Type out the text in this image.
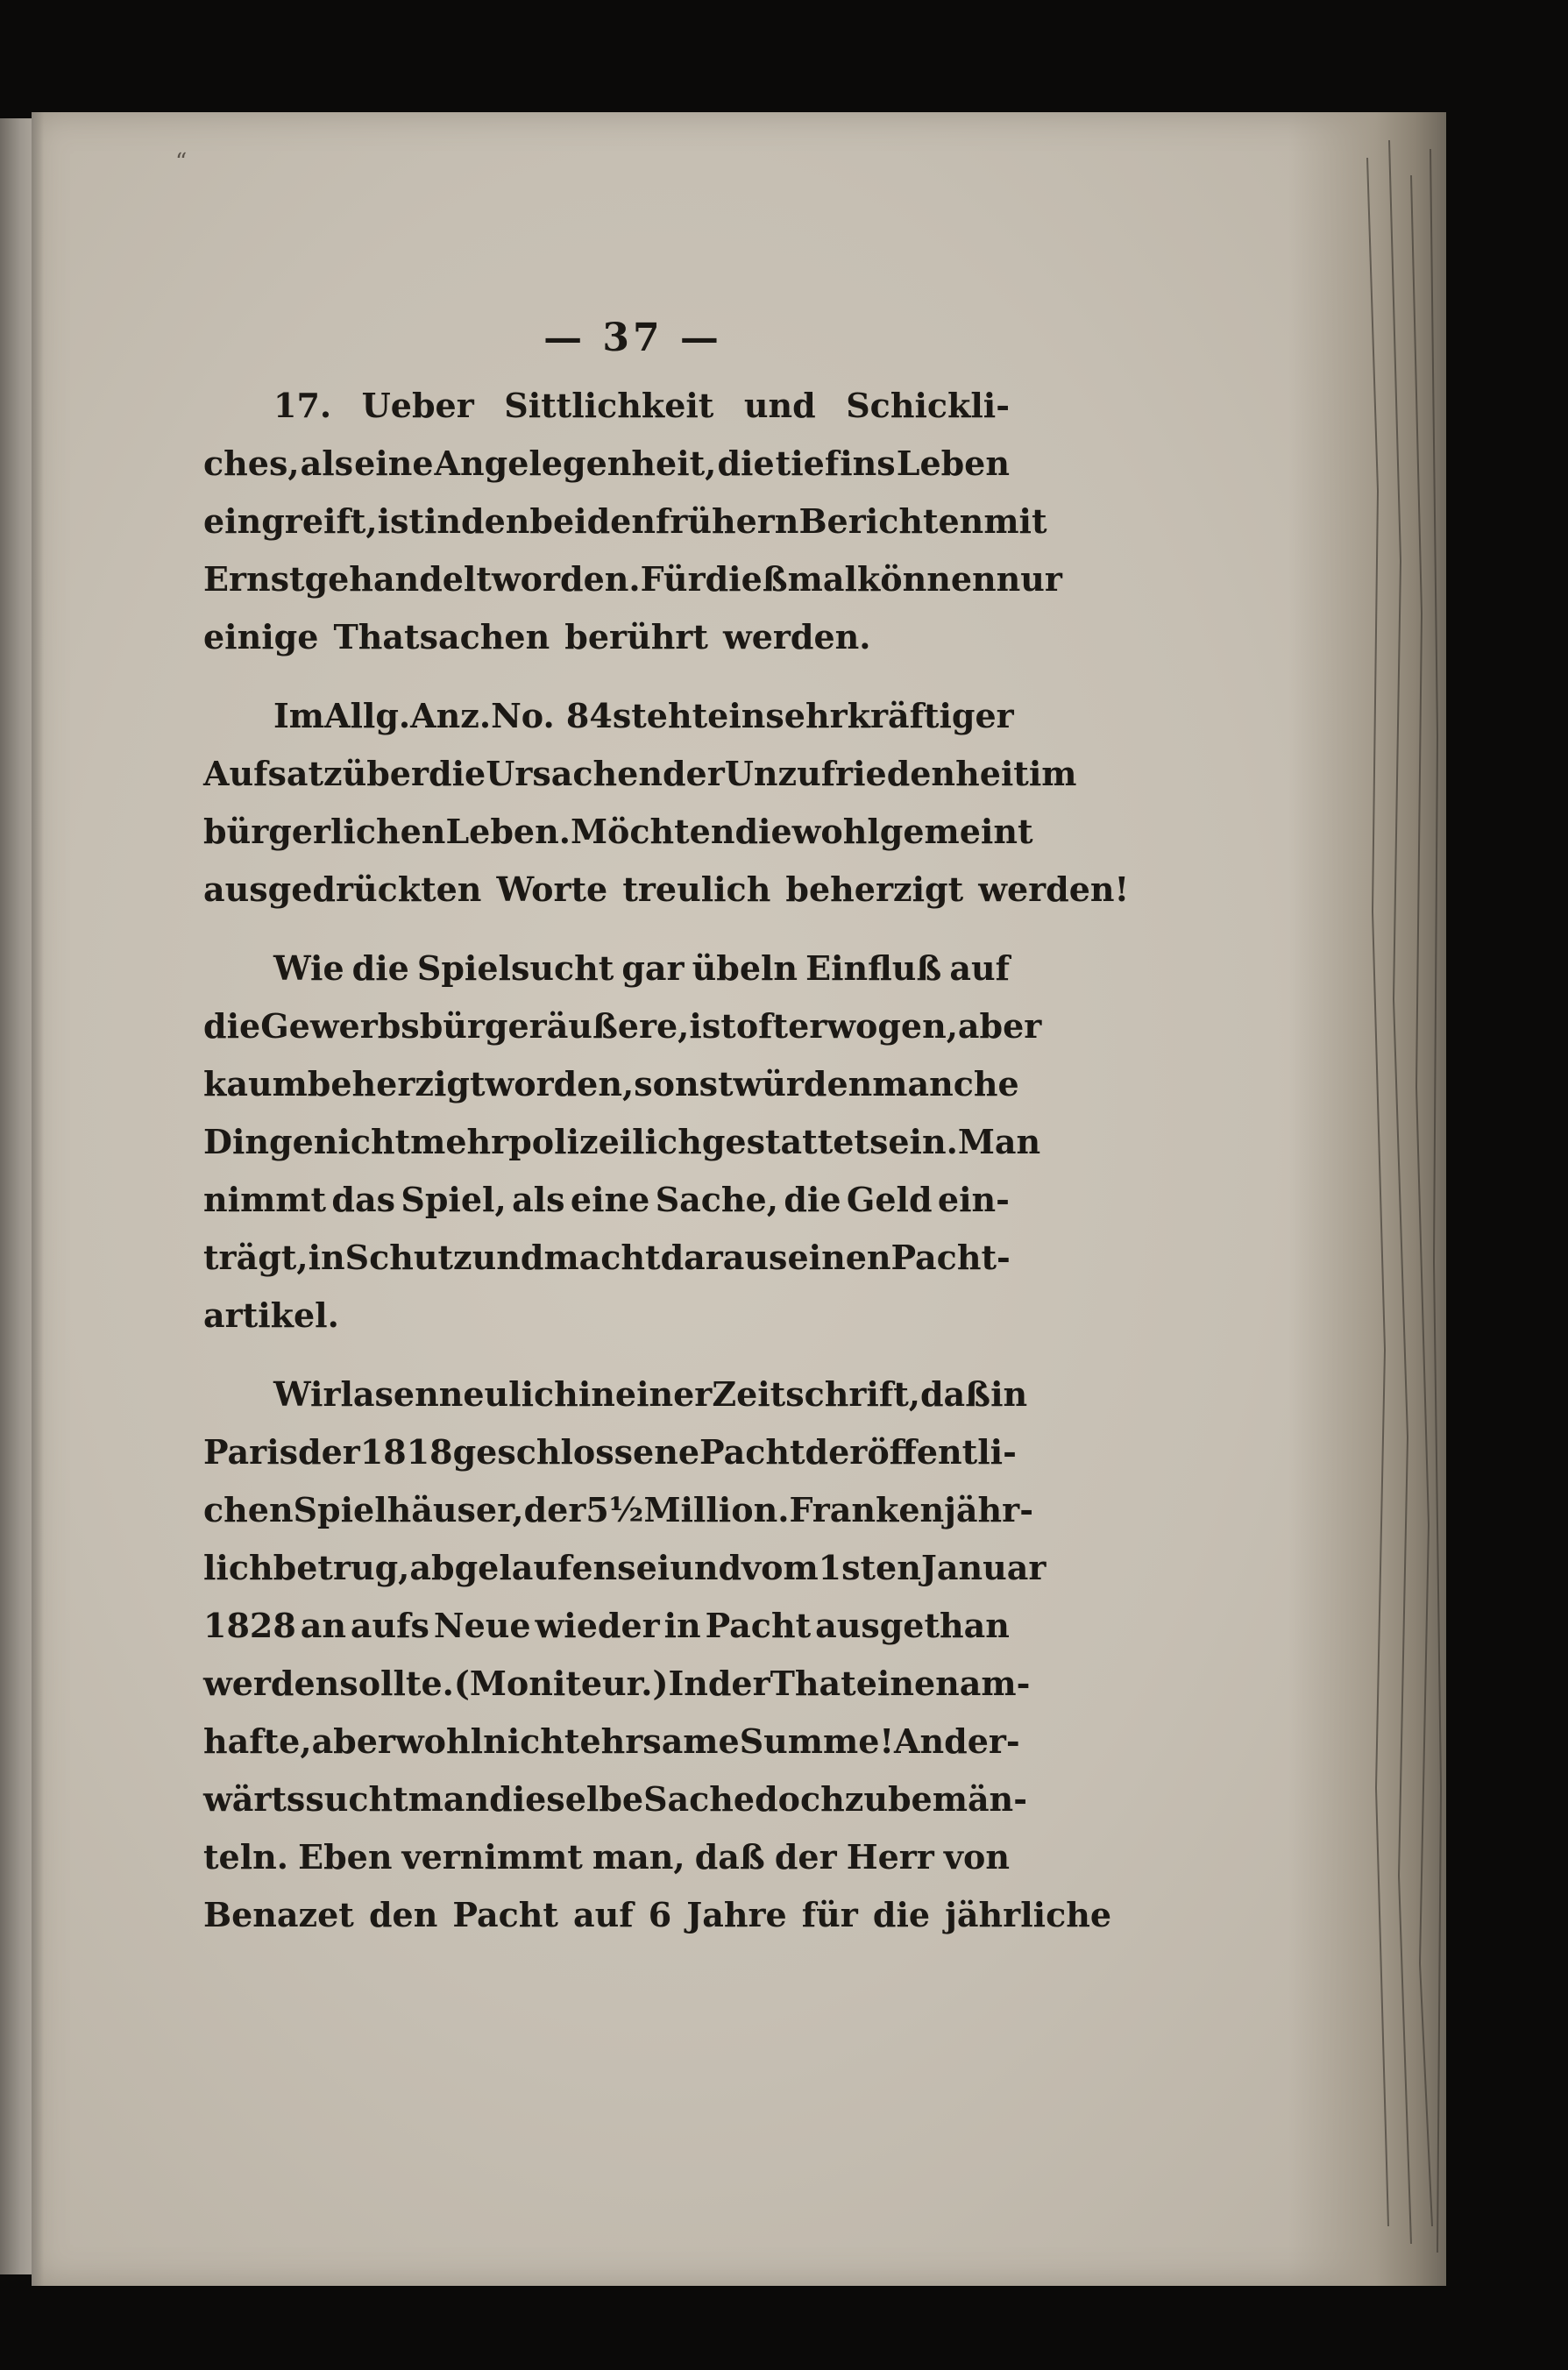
“
— 37 —
17. Ueber Sittlichkeit und Schickli-
ches, als eine Angelegenheit, die tief ins Leben
eingreift, ist in den beiden frühern Berichten mit
Ernst gehandelt worden. Für dießmal können nur
einige Thatsachen berührt werden.
Im Allg. Anz. No. 84 steht ein sehr kräftiger
Aufsatz über die Ursachen der Unzufriedenheit im
bürgerlichen Leben. Möchten die wohlgemeint
ausgedrückten Worte treulich beherzigt werden!
Wie die Spielsucht gar übeln Einfluß auf
die Gewerbsbürger äußere, ist oft erwogen, aber
kaum beherzigt worden, sonst würden manche
Dinge nicht mehr polizeilich gestattet sein. Man
nimmt das Spiel, als eine Sache, die Geld ein-
trägt, in Schutz und macht daraus einen Pacht-
artikel.
Wir lasen neulich in einer Zeitschrift, daß in
Paris der 1818 geschlossene Pacht der öffentli-
chen Spielhäuser, der 5½ Million. Franken jähr-
lich betrug, abgelaufen sei und vom 1sten Januar
1828 an aufs Neue wieder in Pacht ausgethan
werden sollte. (Moniteur.) In der That eine nam-
hafte, aber wohl nicht ehrsame Summe! Ander-
wärts sucht man dieselbe Sache doch zu bemän-
teln. Eben vernimmt man, daß der Herr von
Benazet den Pacht auf 6 Jahre für die jährliche
